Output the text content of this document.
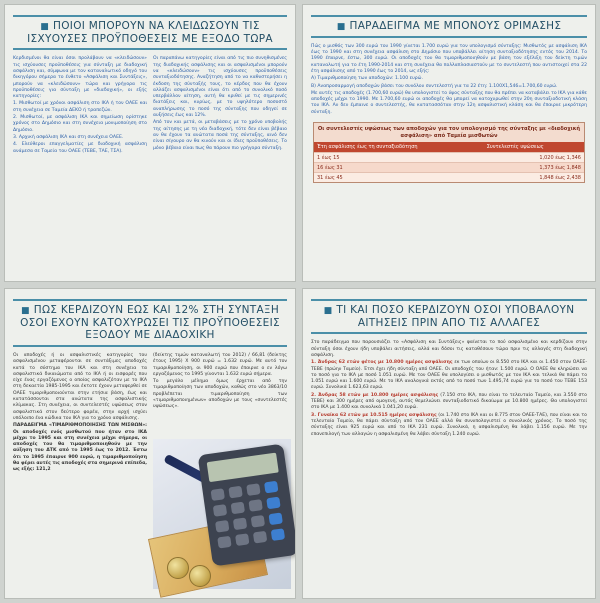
■ ΠΟΙΟΙ ΜΠΟΡΟΥΝ ΝΑ ΚΛΕΙΔΩΣΟΥΝ ΤΙΣ ΙΣΧΥΟΥΣΕΣ ΠΡΟΫΠΟΘΕΣΕΙΣ ΜΕ ΕΞΟΔΟ ΤΩΡΑ

Κερδισμένοι θα είναι όσοι προλάβουν να «κλειδώσουν» τις ισχύουσες προϋποθέσεις για σύνταξη με διαδοχική ασφάλιση και, σύμφωνα με τον καταναλωτικό οδηγό του δικηγόρου σήμερα το ένθετο «Ασφάλιση και Συντάξεις», μπορούν να «κλειδώσουν» τώρα και γρήγορα τις προϋποθέσεις για σύνταξη με «διαδοχική», οι εξής κατηγορίες:

1. Μισθωτοί με χρόνοι ασφάλιση στο ΙΚΑ ή τον ΟΑΕΕ και στη συνέχεια σε Ταμεία ΔΕΚΟ ή τραπεζών.

2. Μισθωτοί, με ασφάλιση ΙΚΑ και σημείωση ορίστηκε χρόνος στο Δημόσιο και στη συνέχεια μονιμοποίηση στο Δημόσιο.

3. Αρχική ασφάλιση ΙΚΑ και στη συνέχεια ΟΑΕΕ.

4. Ελεύθεροι επαγγελματίες με διαδοχική ασφάλιση ανάμεσα σε Ταμεία του ΟΑΕΕ (ΤΕΒΕ, ΤΑΕ, ΤΣΑ).

Οι παραπάνω κατηγορίες είναι από τις πιο συνηθισμένες της διαδοχικής ασφάλισης και οι ασφαλισμένοι μπορούν να «κλειδώσουν» τις ισχύουσες προϋποθέσεις συνταξιοδότησης. Αναζήτηση από το να καθυστερήσει η έκδοση της σύνταξής τους, το κέρδος που θα έχουν αλλάζει ασφαλισμένοι είναι ότι από το συνολικό ποσό υπερβάλλον αίτηση, αυτή θα κριθεί με τις σημερινές διατάξεις και, κυρίως, με το υψηλότερο ποσοστό αναπλήρωσης το ποσό της σύνταξης που οδηγεί σε αυξήσεις έως και 12%.

Από τον και μετά, οι μεταβάσεις με το χρόνο υποβολής της αίτησης με τη νέα διαδοχική, τότε δεν είναι βέβαιο αν θα έχουν τα ανώτατα ποσά της σύνταξης, αινό δεν είναι σίγουρο αν θα κινούν και οι ίδιες προϋποθέσεις. Το μόνο βέβαιο είναι πως θα πάρουν πιο γρήγορα σύνταξη.

■ ΠΑΡΑΔΕΙΓΜΑ ΜΕ ΜΠΟΝΟΥΣ ΟΡΙΜΑΣΗΣ

Πώς ο μισθός των 300 ευρώ του 1990 γίνεται 1.700 ευρώ για τον υπολογισμό σύνταξης: Μισθωτός με ασφάλιση ΙΚΑ έως το 1990 και στη συνέχεια ασφάλιση στο Δημόσιο που υποβάλλει αίτηση συνταξιοδότησης εντός του 2014. Το 1990 έπαιρνε, έστω, 300 ευρώ. Οι αποδοχές του θα τιμαριθμοποιηθούν με βάση τον εξέλιξη του δείκτη τιμών καταναλωτή για το έτη 1990-2014 και στη συνέχεια θα πολλαπλασιαστούν με το συντελεστή που αντιστοιχεί στα 22 έτη ασφάλισης από το 1990 έως το 2014, ως εξής:

A) Τιμαριθμοποίηση των αποδοχών: 1.100 ευρώ.

B) Αναπροσαρμογή αποδοχών βάσει του συνόλου συντελεστή για τα 22 έτη: 1.100Χ1,546=1.700,60 ευρώ.

Με αυτές τις αποδοχές (1.700,60 ευρώ) θα υπολογιστεί το ύψος σύνταξης που θα πρέπει να καταβάλει το ΙΚΑ για κάθε αποδοχές μέχρι το 1990. Με 1.700,60 ευρώ οι αποδοχές θα μπορεί να κατοχυρωθεί στην 20η συνταξιοδοτική κλάση του ΙΚΑ. Αν δεν έμπαινε ο συντελεστής, θα κατατασσόταν στην 12η ασφαλιστική κλάση και θα έπαιρνε μικρότερη σύνταξη.

Οι συντελεστές υψώσεως των αποδοχών για τον υπολογισμό της σύνταξης με «διαδοχική ασφάλιση» από Ταμεία μισθωτών
Έτη ασφάλισης έως τη συνταξιοδότηση	Συντελεστές υψώσεως
1 έως 15	1,020 έως 1,346
16 έως 31	1,373 έως 1,848
31 έως 45	1,848 έως 2,438
■ ΠΩΣ ΚΕΡΔΙΖΟΥΝ ΕΩΣ ΚΑΙ 12% ΣΤΗ ΣΥΝΤΑΞΗ ΟΣΟΙ ΕΧΟΥΝ ΚΑΤΟΧΥΡΩΣΕΙ ΤΙΣ ΠΡΟΫΠΟΘΕΣΕΙΣ ΕΞΟΔΟΥ ΜΕ ΔΙΑΔΟΧΙΚΗ

Οι αποδοχές ή οι ασφαλιστικές κατηγορίες του ασφαλισμένου μεταφέρονται σε συντάξιμες αποδοχές κατά το σύστημα του ΙΚΑ και στη συνέχεια τα ασφαλιστικά δικαιώματα από το ΙΚΑ ή οι εισφορές που είχε ένας εργαζόμενος ο οποίος ασφαλιζόταν με το ΙΚΑ στη δεκαετία 1985-1995 και έκτοτε έχουν μεταφερθεί σε ΟΑΕΕ τιμαριθμοποιούνται στην ετήσια βάση, έως και κατατάσσονται στα ανώτατα της ασφαλιστικής κλίμακας. Στη συνέχεια, οι συντελεστές υψώσεως στον ασφαλιστικά στον δεύτερο φορέα, στην αρχή ισχύει υπόλοιπο ένα κώδικα του ΙΚΑ για το χρόνο ασφάλισης.

ΠΑΡΑΔΕΙΓΜΑ «ΤΙΜΑΡΙΘΜΟΠΟΙΗΣΗΣ ΤΩΝ ΜΙΣΘΩΝ»: Οι αποδοχές ενός μισθωτού που ήταν στο ΙΚΑ μέχρι το 1995 και στη συνέχεια μέχρι σήμερα, οι αποδοχές του θα τιμαριθμοποιηθούν με την αύξηση του ΔΤΚ από το 1995 έως το 2012. Έστω ότι το 1995 έπαιρνε 900 ευρώ, η τιμαριθμοποίηση θα φέρει αυτές τις αποδοχές στα σημερινά επίπεδα, ως εξής: 121,2

(δείκτης τιμών καταναλωτή του 2012) / 66,81 (δείκτης έτους 1995) Χ 900 ευρώ = 1.632 ευρώ. Με αυτό τον τιμαριθμοποίηση, οι 900 ευρώ που έπαιρνε ο εν λόγω εργαζόμενος το 1995 γίνονται 1.632 ευρώ σήμερα.

Το μεγάλο μέλημα όμως έρχεται από την τιμαριθμοποίηση των αποδοχών, καθώς στο νέο 3863/10 προβλέπεται τιμαριθμοποίηση των «τιμαριθμοποιημένων» αποδοχών με τους «συντελεστές υψώσεως».

■ ΤΙ ΚΑΙ ΠΟΣΟ ΚΕΡΔΙΖΟΥΝ ΟΣΟΙ ΥΠΟΒΑΛΟΥΝ ΑΙΤΗΣΕΙΣ ΠΡΙΝ ΑΠΟ ΤΙΣ ΑΛΛΑΓΕΣ

Στο παράδειγμα που παρουσιάζει το «Ασφάλιση και Συντάξεις» φαίνεται το πού ασφαλισμένο και κερδίζουν στην σύνταξη όσοι έχουν ήδη υποβάλει αιτήσεις, αλλά και δόσοι τις καταθέσουν τώρα πριν τις αλλαγές στη διαδοχική ασφάλιση.

1. Άνδρας 62 ετών φέτος με 10.800 ημέρες ασφάλισης εκ των οποίων οι 8.550 στο ΙΚΑ και οι 1.450 στον ΟΑΕΕ-ΤΕΒΕ (πρώην Ταμείο). Έτσι έχει ήδη σύνταξη από ΟΑΕΕ. Οι αποδοχές του ήταν: 1.500 ευρώ. Ο ΟΑΕΕ θα κληρώσει να το ποσό για το ΙΚΑ με ποσό 1.051 ευρώ. Με τον ΟΑΕΕ θα υπολογίσει ο μισθωτός με τον ΙΚΑ και τελικά θα πάρει το 1.051 ευρώ και 1.600 ευρώ. Με το ΙΚΑ αναλογικά εκτός από το ποσό των 1.495,74 ευρώ για το ποσό του ΤΕΒΕ 153 ευρώ. Συνολικά 1.623,63 ευρώ.

2. Άνδρας 58 ετών με 10.800 ημέρες ασφάλισης (7.150 στο ΙΚΑ, που είναι το τελευταίο Ταμείο, και 3.550 στο ΤΕΒΕ) και 300 ημέρες από ομογενή, αυτός θεμελιώνει συνταξιοδοτικό δικαίωμα με 10.800 ημέρες. Θα υπολογιστεί στο ΙΚΑ με 1.400 και συνολικά 1.041,20 ευρώ.

3. Γυναίκα 62 ετών με 10.515 ημέρες ασφάλισης (οι 1.740 στο ΙΚΑ και οι 8.775 στον ΟΑΕΕ-ΤΑΕ), που είναι και το τελευταίο Ταμείο, θα πάρει σύνταξη από τον ΟΑΕΕ αλλά θα συνυπολογιστεί ο συνολικός χρόνος. Το ποσό της σύνταξης είναι 925 ευρώ και από το ΙΚΑ 231 ευρώ. Συνολικά, η ασφαλισμένη θα λάβει 1.156 ευρώ. Με την επανεπιλογή των αλλαγών η ασφαλισμένη θα λάβει σύνταξη 1.240 ευρώ.
